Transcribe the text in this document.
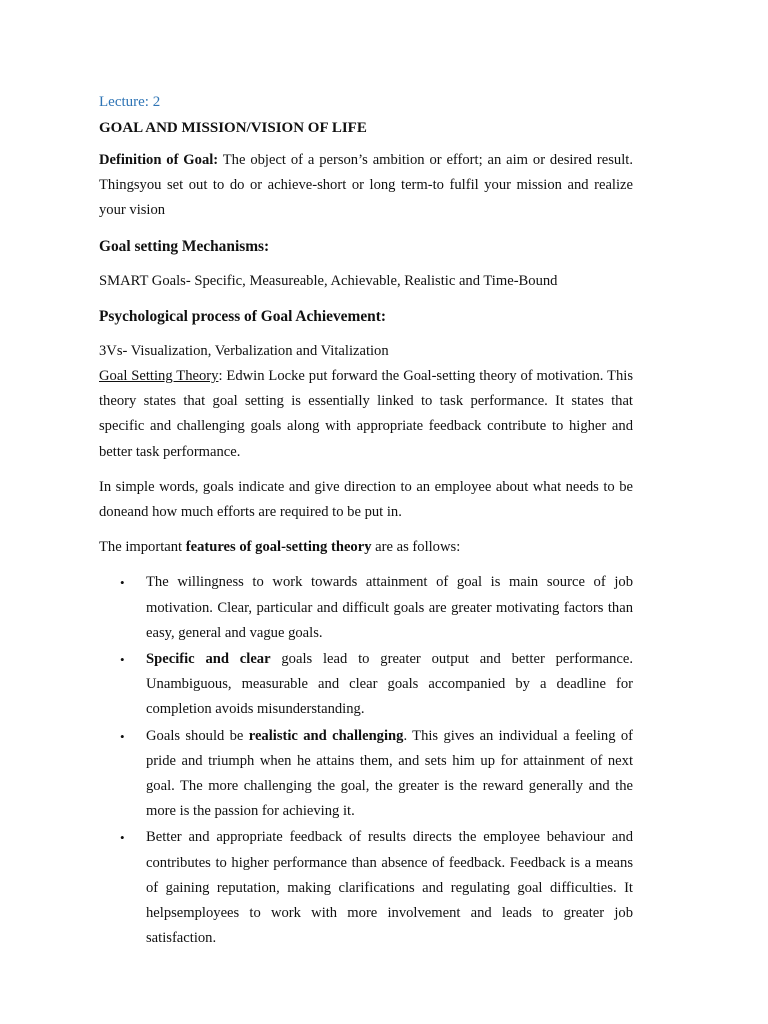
Lecture: 2

GOAL AND MISSION/VISION OF LIFE

Definition of Goal: The object of a person’s ambition or effort; an aim or desired result. Thingsyou set out to do or achieve-short or long term-to fulfil your mission and realize your vision

Goal setting Mechanisms:

SMART Goals- Specific, Measureable, Achievable, Realistic and Time-Bound

Psychological process of Goal Achievement:

3Vs- Visualization, Verbalization and Vitalization

Goal Setting Theory: Edwin Locke put forward the Goal-setting theory of motivation. This theory states that goal setting is essentially linked to task performance. It states that specific and challenging goals along with appropriate feedback contribute to higher and better task performance.

In simple words, goals indicate and give direction to an employee about what needs to be doneand how much efforts are required to be put in.

The important features of goal-setting theory are as follows:

• The willingness to work towards attainment of goal is main source of job motivation. Clear, particular and difficult goals are greater motivating factors than easy, general and vague goals.
• Specific and clear goals lead to greater output and better performance. Unambiguous, measurable and clear goals accompanied by a deadline for completion avoids misunderstanding.
• Goals should be realistic and challenging. This gives an individual a feeling of pride and triumph when he attains them, and sets him up for attainment of next goal. The more challenging the goal, the greater is the reward generally and the more is the passion for achieving it.
• Better and appropriate feedback of results directs the employee behaviour and contributes to higher performance than absence of feedback. Feedback is a means of gaining reputation, making clarifications and regulating goal difficulties. It helpsemployees to work with more involvement and leads to greater job satisfaction.
